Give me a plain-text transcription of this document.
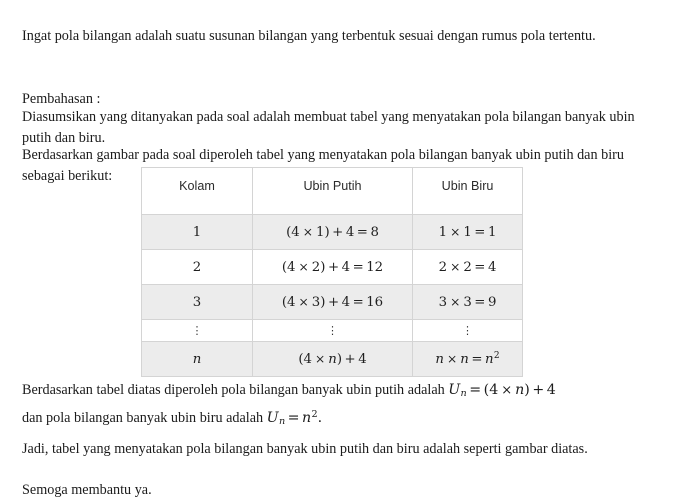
Ingat pola bilangan adalah suatu susunan bilangan yang terbentuk sesuai dengan rumus pola tertentu.

Pembahasan :

Diasumsikan yang ditanyakan pada soal adalah membuat tabel yang menyatakan pola bilangan banyak ubin putih dan biru.

Berdasarkan gambar pada soal diperoleh tabel yang menyatakan pola bilangan banyak ubin putih dan biru sebagai berikut:

Kolam	Ubin Putih	Ubin Biru
1	(4 × 1) + 4 = 8	1 × 1 = 1
2	(4 × 2) + 4 = 12	2 × 2 = 4
3	(4 × 3) + 4 = 16	3 × 3 = 9
⋮	⋮	⋮
n	(4 × n) + 4	$n \times n = n^2$

Berdasarkan tabel diatas diperoleh pola bilangan banyak ubin putih adalah Un = (4 × n) + 4
dan pola bilangan banyak ubin biru adalah $Un = n^2$.

Jadi, tabel yang menyatakan pola bilangan banyak ubin putih dan biru adalah seperti gambar diatas.

Semoga membantu ya.
